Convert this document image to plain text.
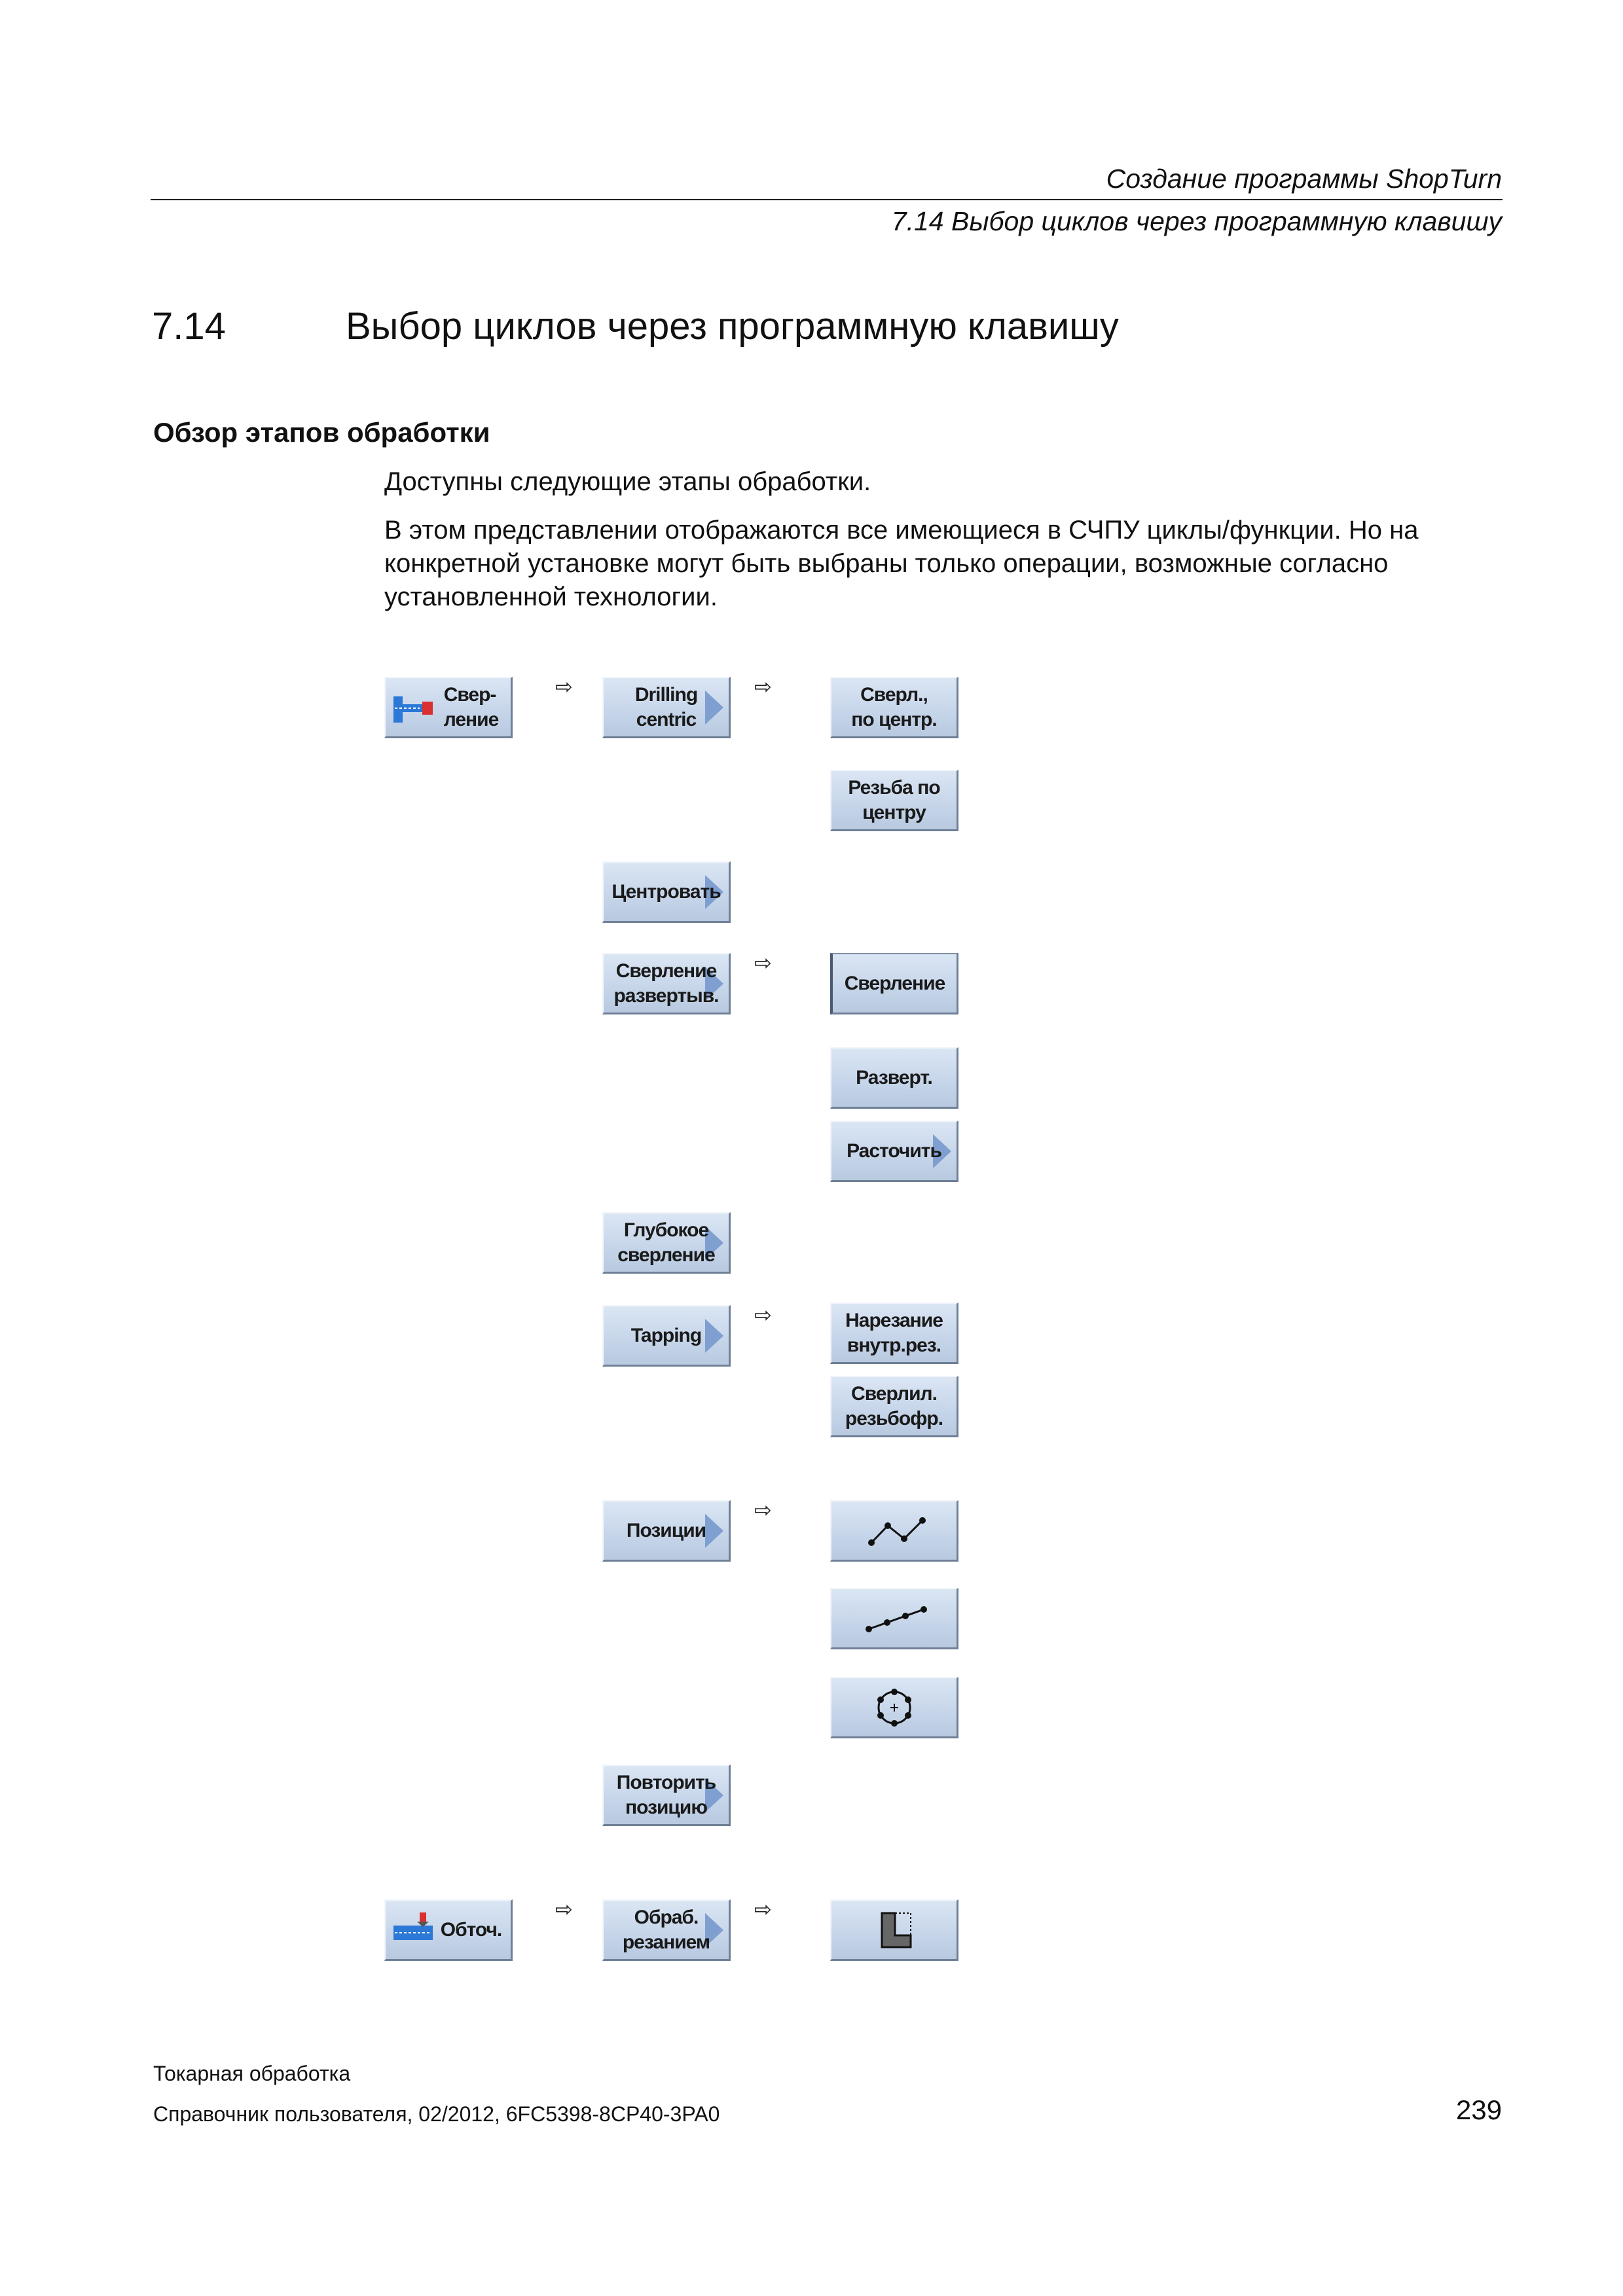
Создание программы ShopTurn
7.14 Выбор циклов через программную клавишу
7.14	Выбор циклов через программную клавишу
Обзор этапов обработки
Доступны следующие этапы обработки.
В этом представлении отображаются все имеющиеся в СЧПУ циклы/функции. Но на конкретной установке могут быть выбраны только операции, возможные согласно установленной технологии.
Свер-
ление
⇨	Drilling
centric
⇨	Сверл.,
по центр.
Резьба по
центру
Центровать
Сверление
развертыв.
⇨
Сверление
Разверт.
Расточить
Глубокое
сверление
Tapping
⇨	Нарезание
внутр.рез.
Сверлил.
резьбофр.
Позиции
⇨
Повторить
позицию
Обточ.
⇨	Обраб.
резанием
⇨
Токарная обработка
Справочник пользователя, 02/2012, 6FC5398-8CP40-3PA0	239
